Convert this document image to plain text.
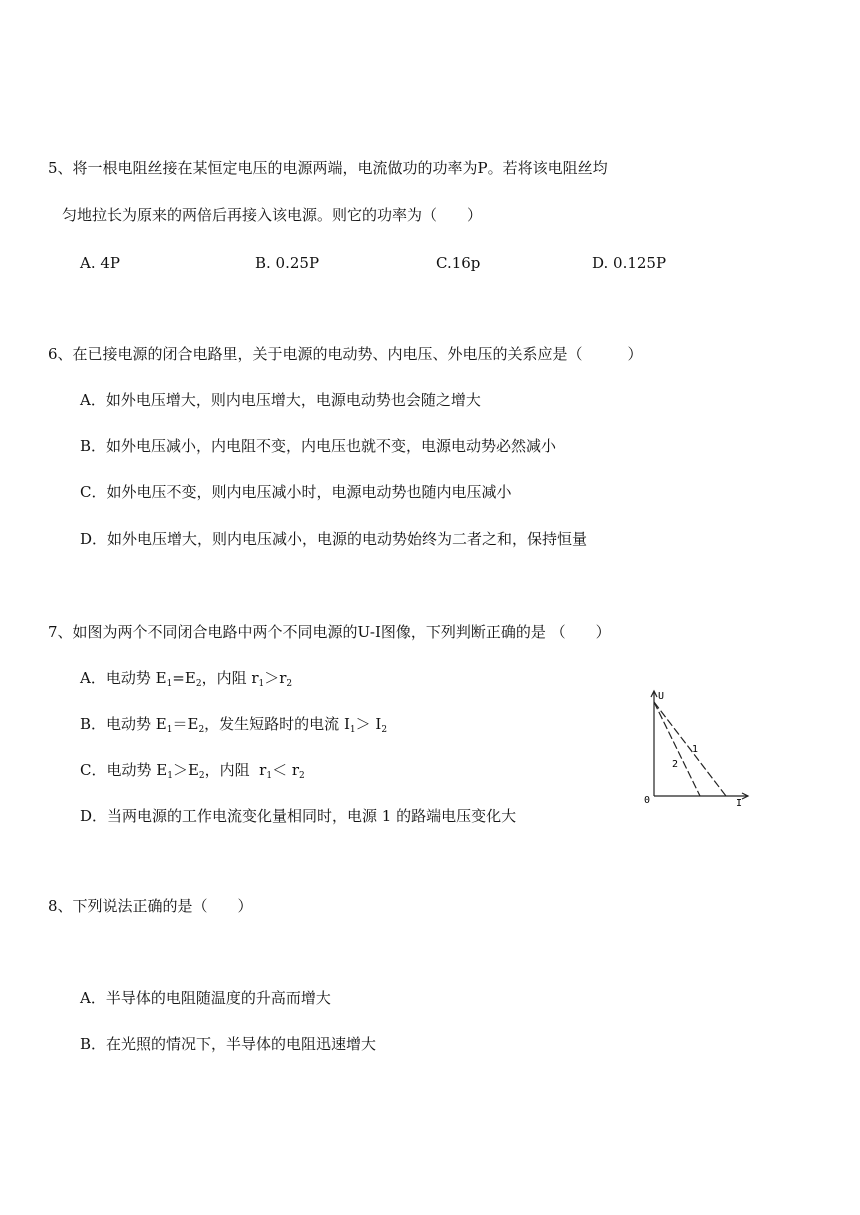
5、将一根电阻丝接在某恒定电压的电源两端，电流做功的功率为P。若将该电阻丝均
匀地拉长为原来的两倍后再接入该电源。则它的功率为（　　）
A. 4P	B. 0.25P	C.16p	D. 0.125P
6、在已接电源的闭合电路里，关于电源的电动势、内电压、外电压的关系应是（　　　）
A．如外电压增大，则内电压增大，电源电动势也会随之增大
B．如外电压减小，内电阻不变，内电压也就不变，电源电动势必然减小
C．如外电压不变，则内电压减小时，电源电动势也随内电压减小
D．如外电压增大，则内电压减小，电源的电动势始终为二者之和，保持恒量
7、如图为两个不同闭合电路中两个不同电源的U-I图像，下列判断正确的是 （　　）
A．电动势 $E_1=E_2$，内阻 $r_1>r_2$
B．电动势 $E_1=E_2$，发生短路时的电流 $I_1> I_2$
C．电动势 $E_1>E_2$，内阻  $r_1< r_2$
D．当两电源的工作电流变化量相同时，电源 1 的路端电压变化大
U
I
0
1
2
8、下列说法正确的是（　　）
A．半导体的电阻随温度的升高而增大
B．在光照的情况下，半导体的电阻迅速增大
